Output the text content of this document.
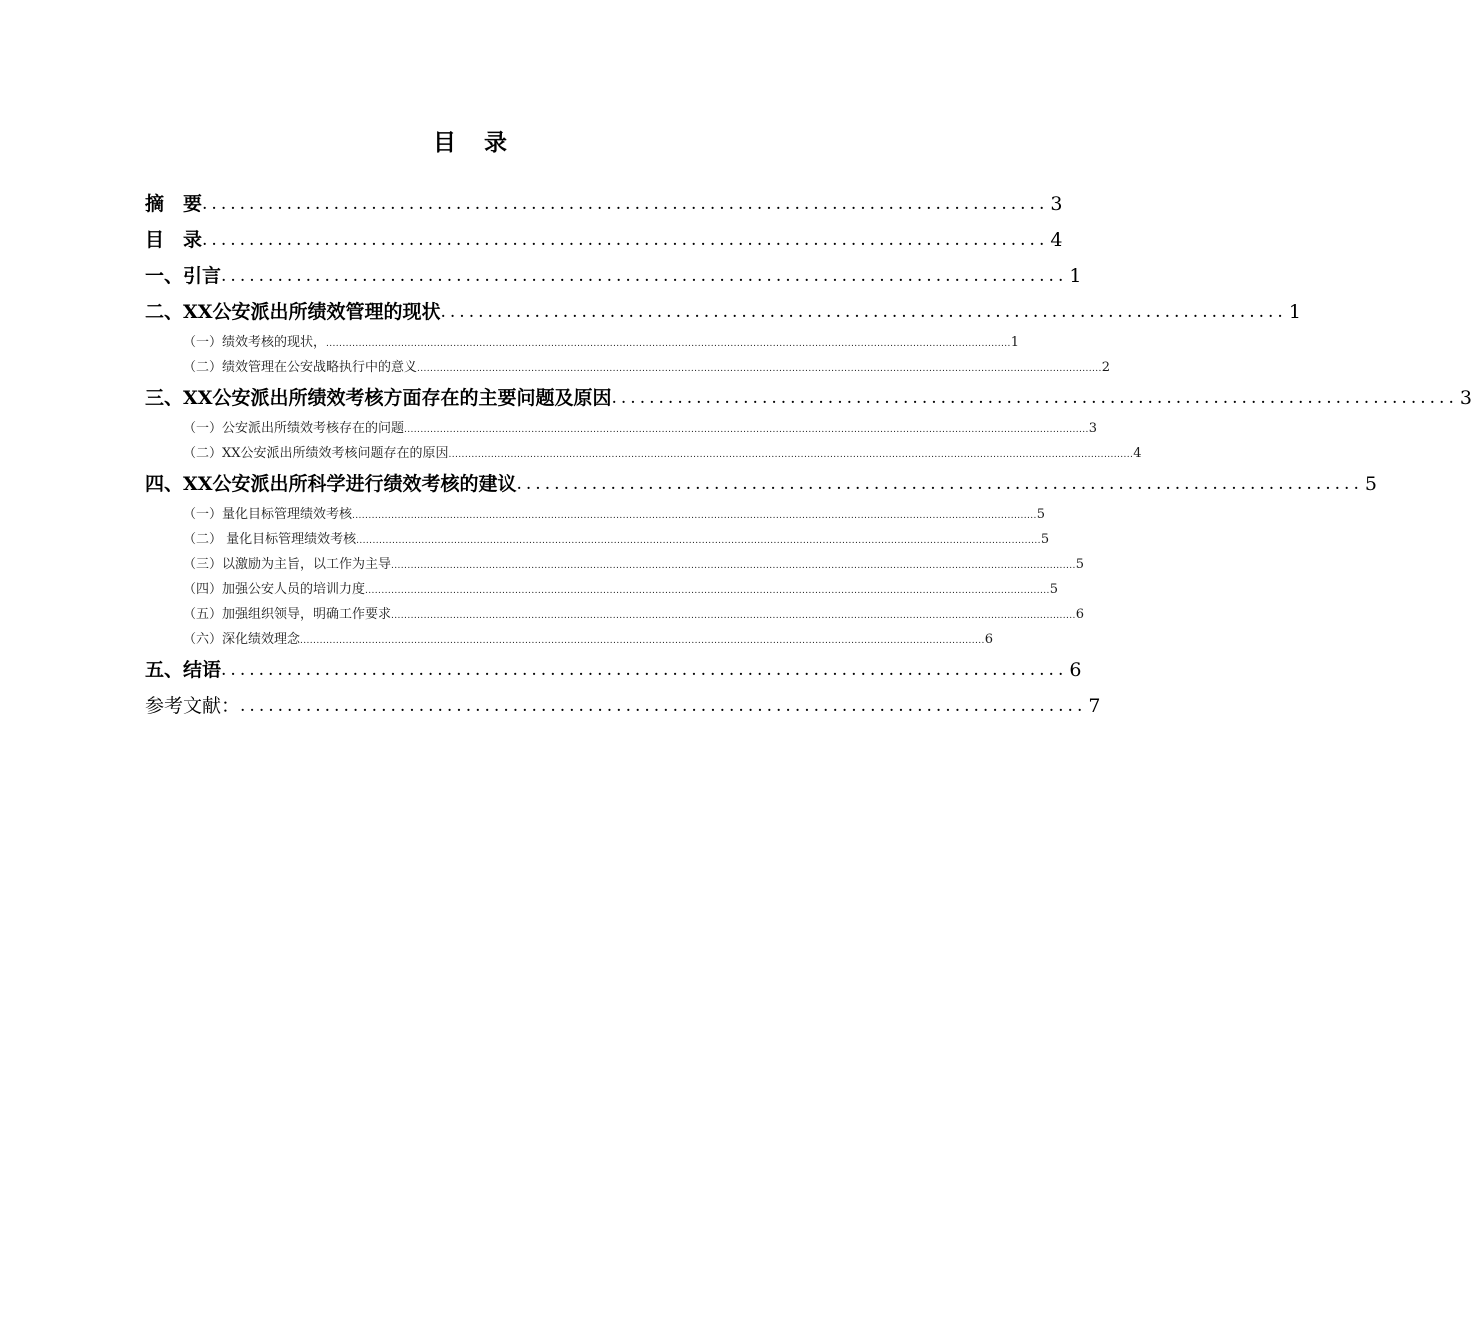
目 录
摘　要 .......................................................................................... 3
目　录 .......................................................................................... 4
一、引言 .......................................................................................... 1
二、XX公安派出所绩效管理的现状 .......................................................................................... 1
（一）绩效考核的现状， .................................................................................................................................................................................................................. 1
（二）绩效管理在公安战略执行中的意义 .................................................................................................................................................................................................................. 2
三、XX公安派出所绩效考核方面存在的主要问题及原因 .......................................................................................... 3
（一）公安派出所绩效考核存在的问题 .................................................................................................................................................................................................................. 3
（二）XX公安派出所绩效考核问题存在的原因 .................................................................................................................................................................................................................. 4
四、XX公安派出所科学进行绩效考核的建议 .......................................................................................... 5
（一）量化目标管理绩效考核 .................................................................................................................................................................................................................. 5
（二） 量化目标管理绩效考核 .................................................................................................................................................................................................................. 5
（三）以激励为主旨，以工作为主导 .................................................................................................................................................................................................................. 5
（四）加强公安人员的培训力度 .................................................................................................................................................................................................................. 5
（五）加强组织领导，明确工作要求 .................................................................................................................................................................................................................. 6
（六）深化绩效理念 .................................................................................................................................................................................................................. 6
五、结语 .......................................................................................... 6
参考文献： .......................................................................................... 7
